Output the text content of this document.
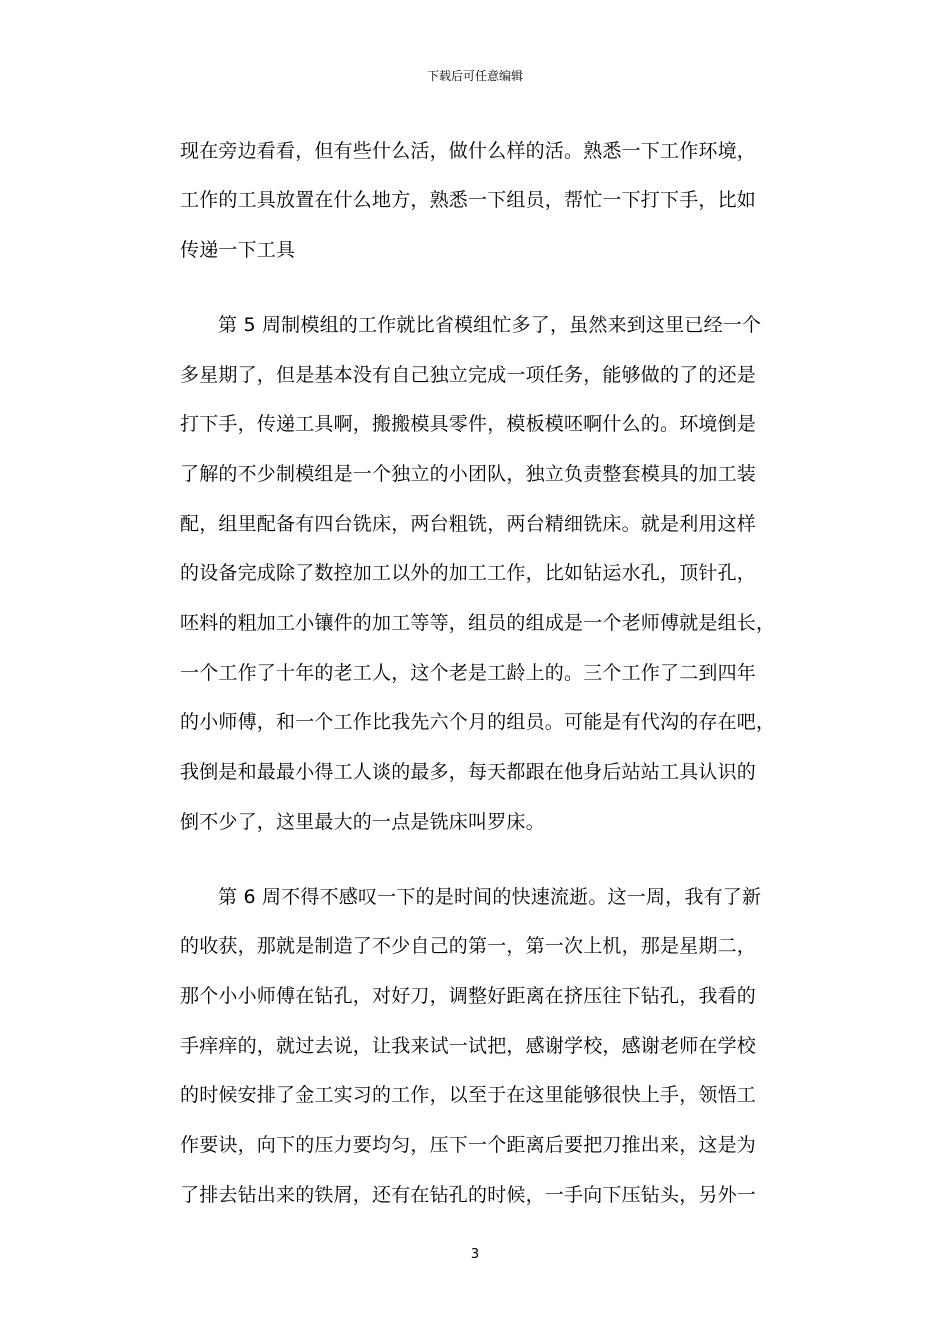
下载后可任意编辑
现在旁边看看，但有些什么活，做什么样的活。熟悉一下工作环境，
工作的工具放置在什么地方，熟悉一下组员，帮忙一下打下手，比如
传递一下工具
第 5 周制模组的工作就比省模组忙多了，虽然来到这里已经一个
多星期了，但是基本没有自己独立完成一项任务，能够做的了的还是
打下手，传递工具啊，搬搬模具零件，模板模呸啊什么的。环境倒是
了解的不少制模组是一个独立的小团队，独立负责整套模具的加工装
配，组里配备有四台铣床，两台粗铣，两台精细铣床。就是利用这样
的设备完成除了数控加工以外的加工工作，比如钻运水孔，顶针孔，
呸料的粗加工小镶件的加工等等，组员的组成是一个老师傅就是组长，
一个工作了十年的老工人，这个老是工龄上的。三个工作了二到四年
的小师傅，和一个工作比我先六个月的组员。可能是有代沟的存在吧，
我倒是和最最小得工人谈的最多，每天都跟在他身后站站工具认识的
倒不少了，这里最大的一点是铣床叫罗床。
第 6 周不得不感叹一下的是时间的快速流逝。这一周，我有了新
的收获，那就是制造了不少自己的第一，第一次上机，那是星期二，
那个小小师傅在钻孔，对好刀，调整好距离在挤压往下钻孔，我看的
手痒痒的，就过去说，让我来试一试把，感谢学校，感谢老师在学校
的时候安排了金工实习的工作，以至于在这里能够很快上手，领悟工
作要诀，向下的压力要均匀，压下一个距离后要把刀推出来，这是为
了排去钻出来的铁屑，还有在钻孔的时候，一手向下压钻头，另外一
3
